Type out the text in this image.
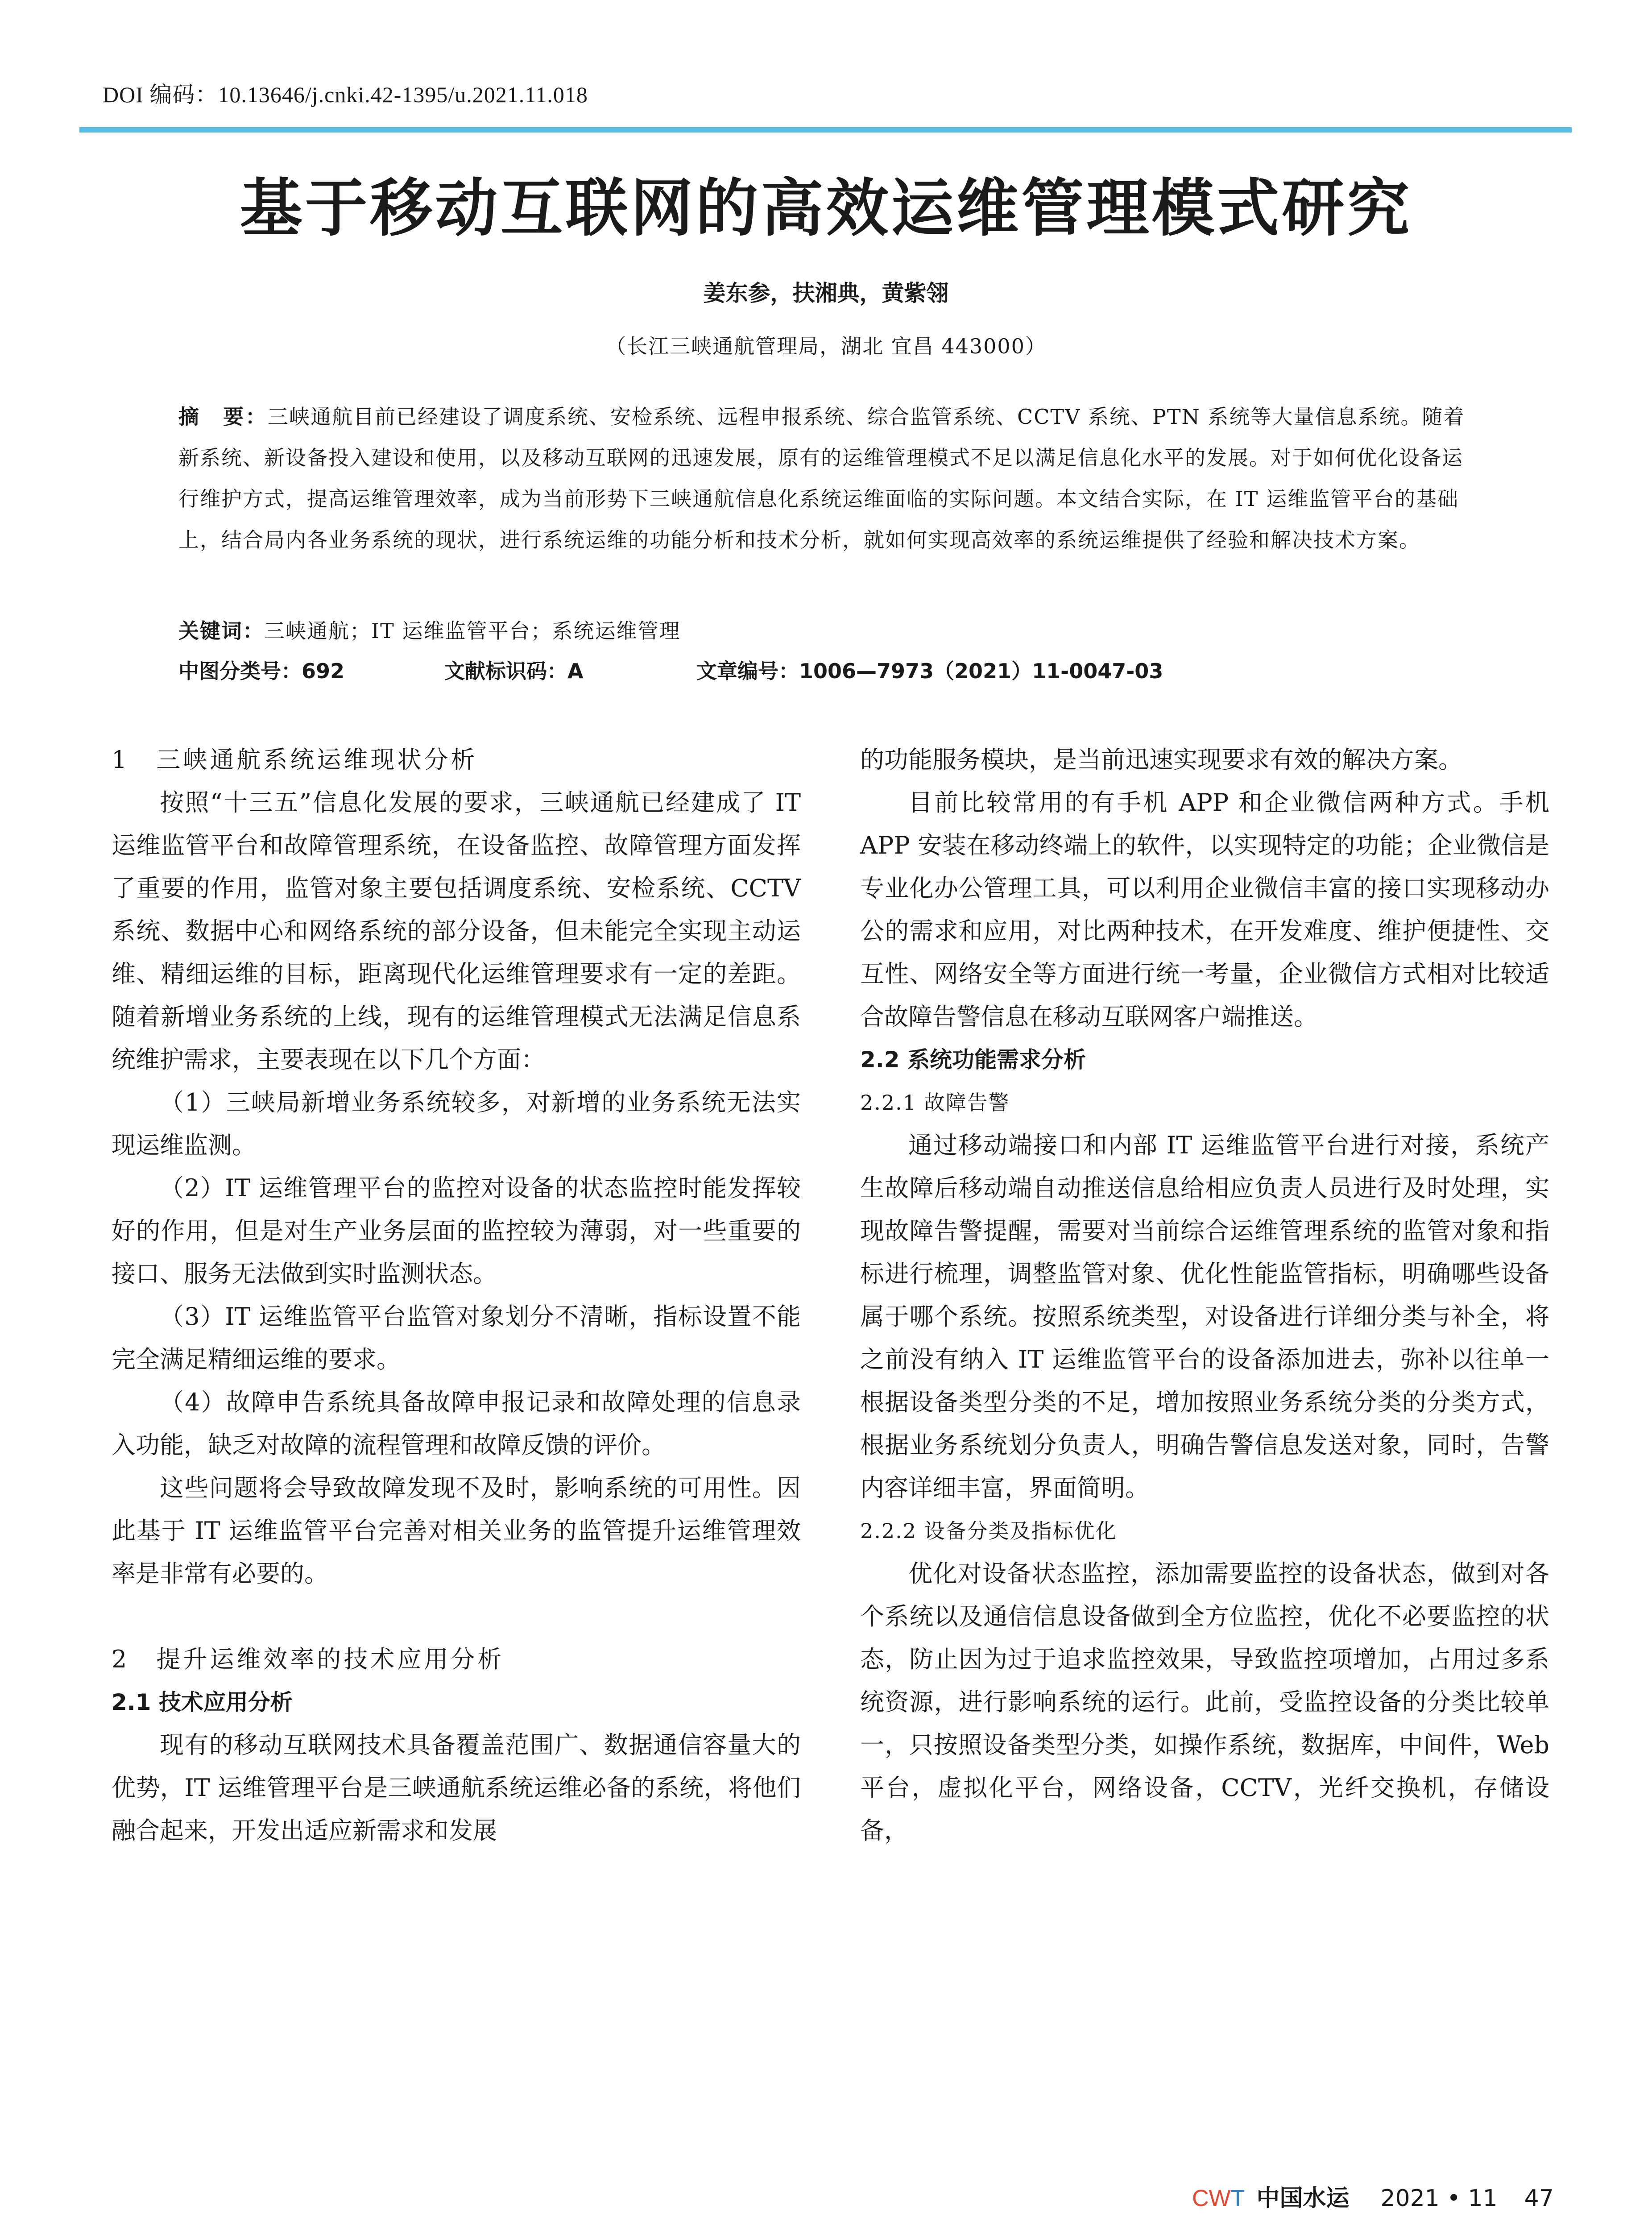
DOI 编码：10.13646/j.cnki.42-1395/u.2021.11.018
基于移动互联网的高效运维管理模式研究
姜东参，扶湘典，黄紫翎
（长江三峡通航管理局，湖北 宜昌 443000）
摘　要：三峡通航目前已经建设了调度系统、安检系统、远程申报系统、综合监管系统、CCTV 系统、PTN 系统等大量信息系统。随着新系统、新设备投入建设和使用，以及移动互联网的迅速发展，原有的运维管理模式不足以满足信息化水平的发展。对于如何优化设备运行维护方式，提高运维管理效率，成为当前形势下三峡通航信息化系统运维面临的实际问题。本文结合实际，在 IT 运维监管平台的基础上，结合局内各业务系统的现状，进行系统运维的功能分析和技术分析，就如何实现高效率的系统运维提供了经验和解决技术方案。
关键词：三峡通航；IT 运维监管平台；系统运维管理
中图分类号：692	文献标识码：A	文章编号：1006—7973（2021）11-0047-03

1　三峡通航系统运维现状分析

按照“十三五”信息化发展的要求，三峡通航已经建成了 IT 运维监管平台和故障管理系统，在设备监控、故障管理方面发挥了重要的作用，监管对象主要包括调度系统、安检系统、CCTV 系统、数据中心和网络系统的部分设备，但未能完全实现主动运维、精细运维的目标，距离现代化运维管理要求有一定的差距。随着新增业务系统的上线，现有的运维管理模式无法满足信息系统维护需求，主要表现在以下几个方面：

（1）三峡局新增业务系统较多，对新增的业务系统无法实现运维监测。

（2）IT 运维管理平台的监控对设备的状态监控时能发挥较好的作用，但是对生产业务层面的监控较为薄弱，对一些重要的接口、服务无法做到实时监测状态。

（3）IT 运维监管平台监管对象划分不清晰，指标设置不能完全满足精细运维的要求。

（4）故障申告系统具备故障申报记录和故障处理的信息录入功能，缺乏对故障的流程管理和故障反馈的评价。

这些问题将会导致故障发现不及时，影响系统的可用性。因此基于 IT 运维监管平台完善对相关业务的监管提升运维管理效率是非常有必要的。

2　提升运维效率的技术应用分析

2.1 技术应用分析

现有的移动互联网技术具备覆盖范围广、数据通信容量大的优势，IT 运维管理平台是三峡通航系统运维必备的系统，将他们融合起来，开发出适应新需求和发展

的功能服务模块，是当前迅速实现要求有效的解决方案。

目前比较常用的有手机 APP 和企业微信两种方式。手机 APP 安装在移动终端上的软件，以实现特定的功能；企业微信是专业化办公管理工具，可以利用企业微信丰富的接口实现移动办公的需求和应用，对比两种技术，在开发难度、维护便捷性、交互性、网络安全等方面进行统一考量，企业微信方式相对比较适合故障告警信息在移动互联网客户端推送。

2.2 系统功能需求分析

2.2.1 故障告警

通过移动端接口和内部 IT 运维监管平台进行对接，系统产生故障后移动端自动推送信息给相应负责人员进行及时处理，实现故障告警提醒，需要对当前综合运维管理系统的监管对象和指标进行梳理，调整监管对象、优化性能监管指标，明确哪些设备属于哪个系统。按照系统类型，对设备进行详细分类与补全，将之前没有纳入 IT 运维监管平台的设备添加进去，弥补以往单一根据设备类型分类的不足，增加按照业务系统分类的分类方式，根据业务系统划分负责人，明确告警信息发送对象，同时，告警内容详细丰富，界面简明。

2.2.2 设备分类及指标优化

优化对设备状态监控，添加需要监控的设备状态，做到对各个系统以及通信信息设备做到全方位监控，优化不必要监控的状态，防止因为过于追求监控效果，导致监控项增加，占用过多系统资源，进行影响系统的运行。此前，受监控设备的分类比较单一，只按照设备类型分类，如操作系统，数据库，中间件，Web 平台，虚拟化平台，网络设备，CCTV，光纤交换机，存储设备，

CWT 中国水运 2021 • 11 47
